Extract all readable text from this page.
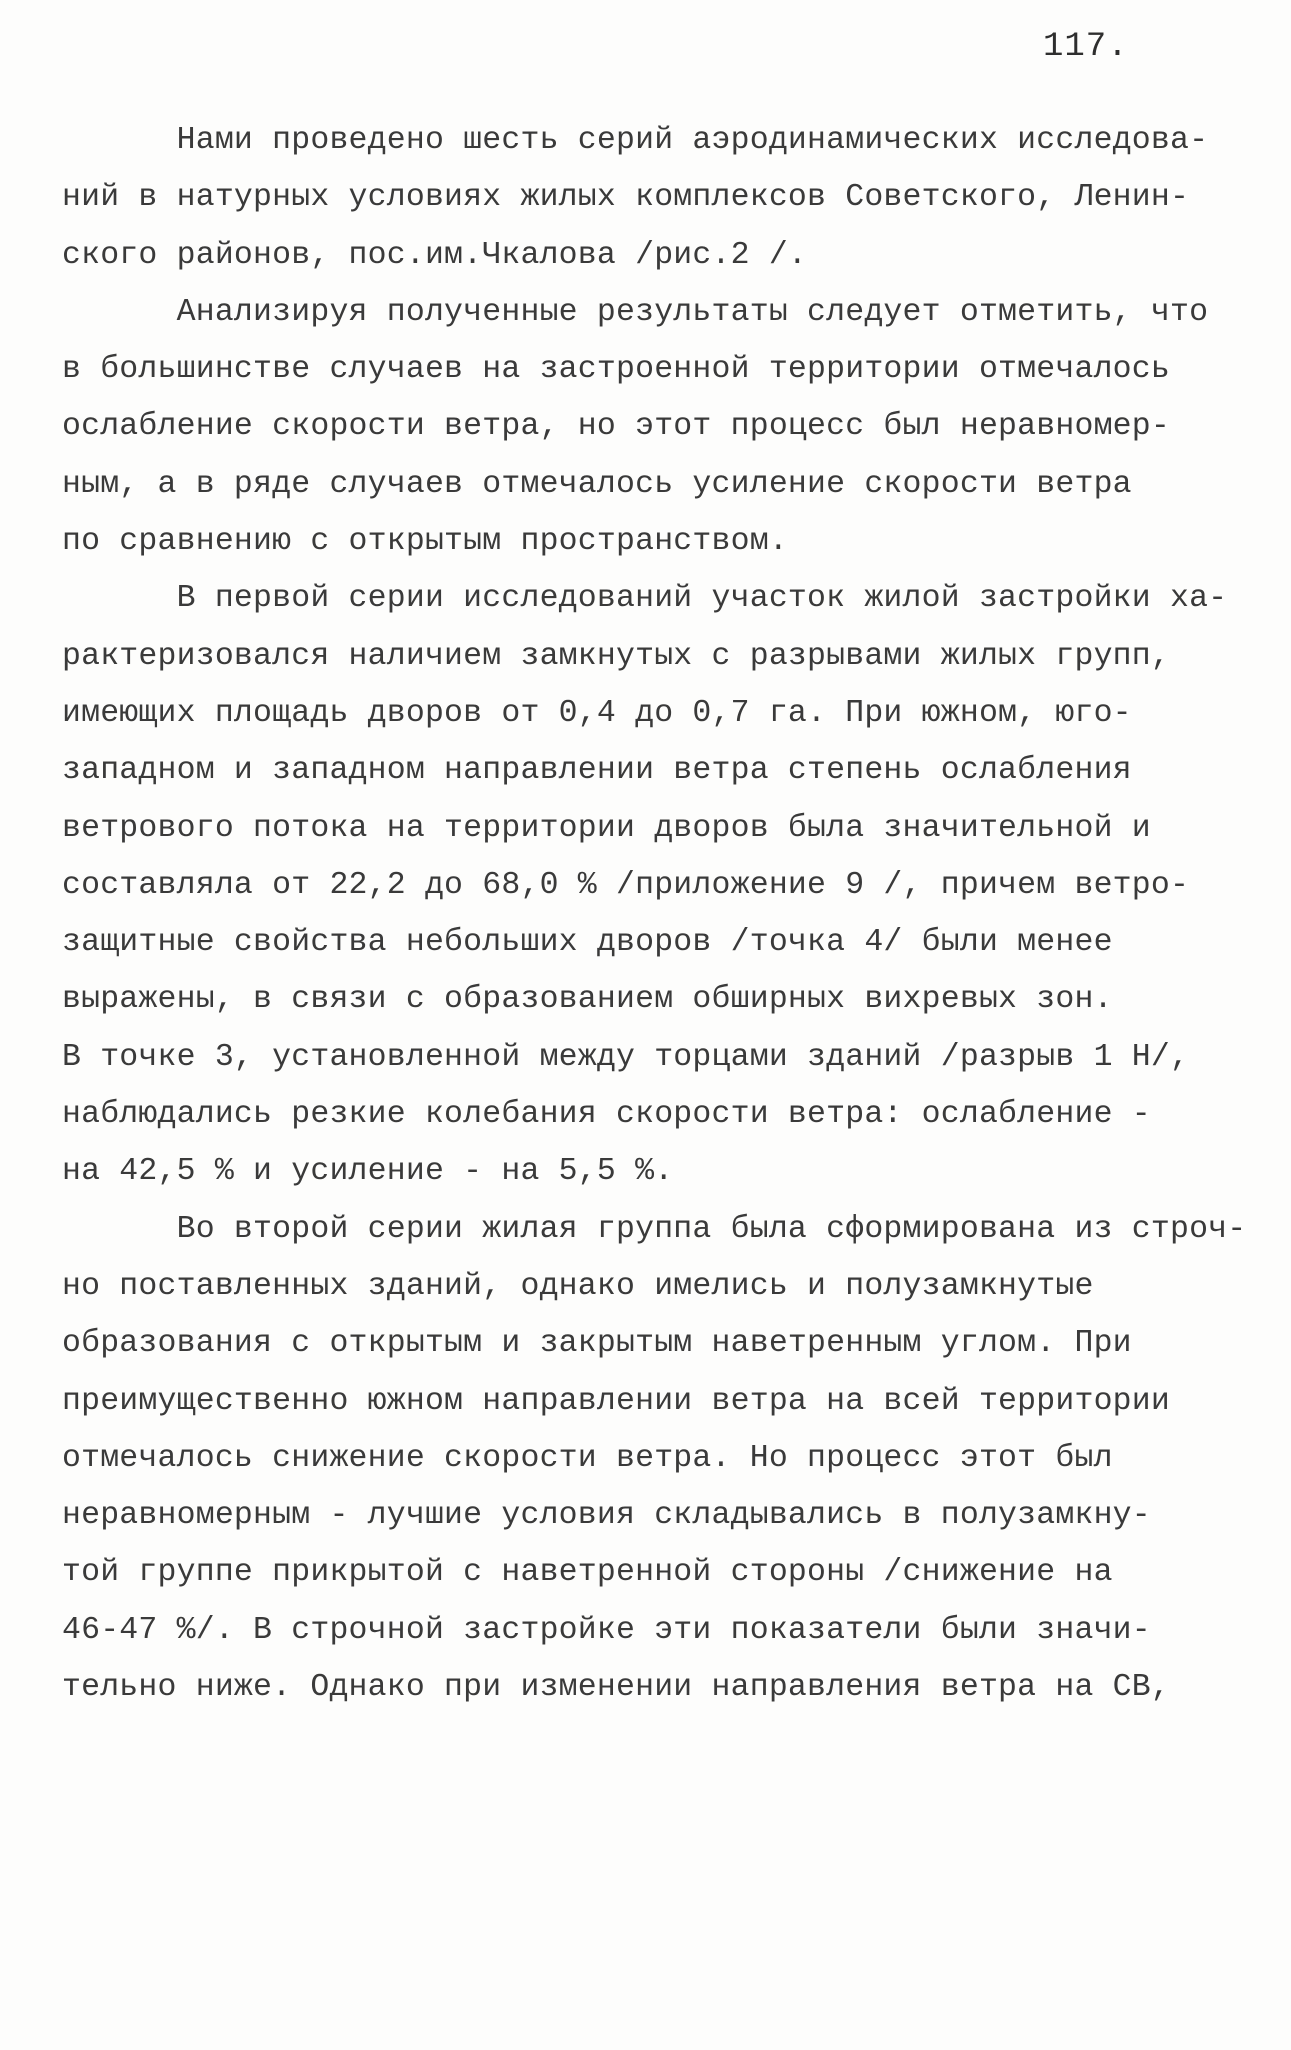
117.
Нами проведено шесть серий аэродинамических исследова-
ний в натурных условиях жилых комплексов Советского, Ленин-
ского районов, пос.им.Чкалова /рис.2 /.
Анализируя полученные результаты следует отметить, что
в большинстве случаев на застроенной территории отмечалось
ослабление скорости ветра, но этот процесс был неравномер-
ным, а в ряде случаев отмечалось усиление скорости ветра
по сравнению с открытым пространством.
В первой серии исследований участок жилой застройки ха-
рактеризовался наличием замкнутых с разрывами жилых групп,
имеющих площадь дворов от 0,4 до 0,7 га. При южном, юго-
западном и западном направлении ветра степень ослабления
ветрового потока на территории дворов была значительной и
составляла от 22,2 до 68,0 % /приложение 9 /, причем ветро-
защитные свойства небольших дворов /точка 4/ были менее
выражены, в связи с образованием обширных вихревых зон.
В точке 3, установленной между торцами зданий /разрыв 1 Н/,
наблюдались резкие колебания скорости ветра: ослабление -
на 42,5 % и усиление - на 5,5 %.
Во второй серии жилая группа была сформирована из строч-
но поставленных зданий, однако имелись и полузамкнутые
образования с открытым и закрытым наветренным углом. При
преимущественно южном направлении ветра на всей территории
отмечалось снижение скорости ветра. Но процесс этот был
неравномерным - лучшие условия складывались в полузамкну-
той группе прикрытой с наветренной стороны /снижение на
46-47 %/. В строчной застройке эти показатели были значи-
тельно ниже. Однако при изменении направления ветра на СВ,
